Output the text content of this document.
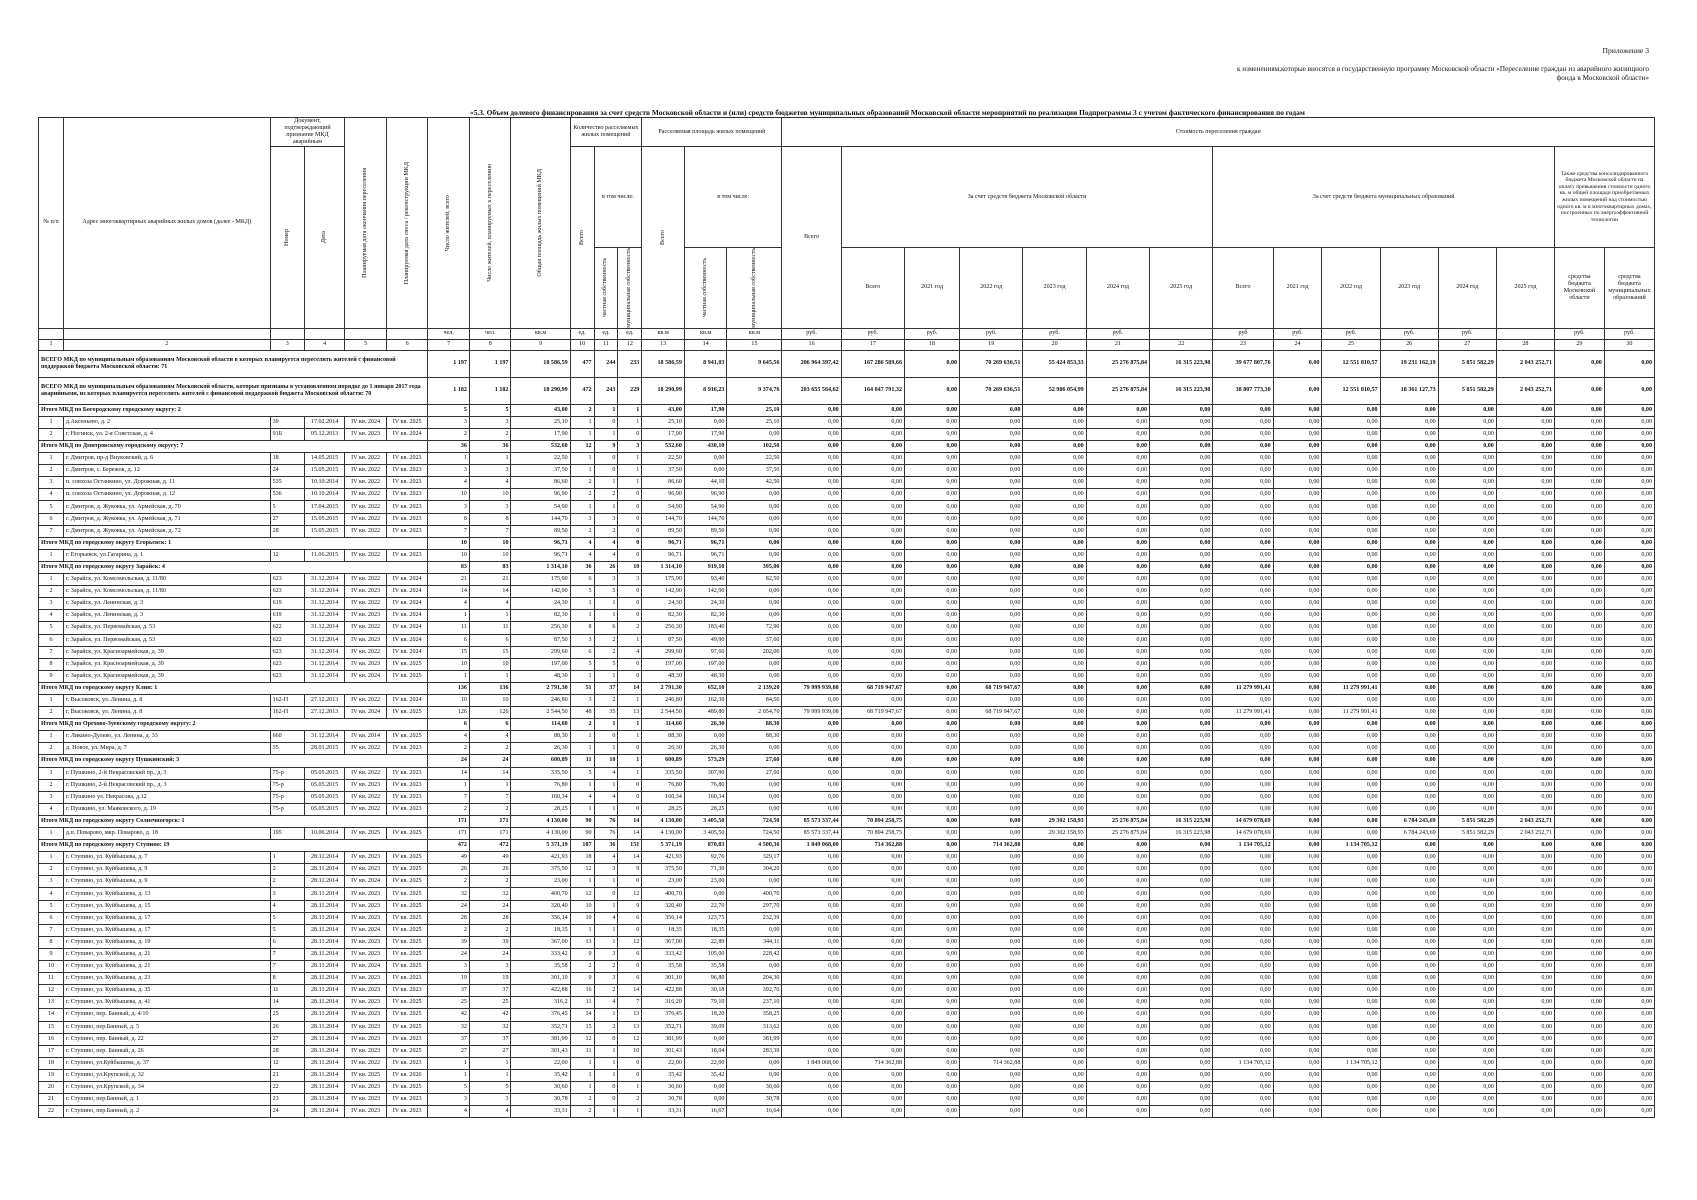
Приложение 3
к изменениям,которые вносятся в государственную программу Московской области «Переселение граждан из аварийного жилищного фонда в Московской области»
«5.3. Объем долевого финансирования за счет средств Московской области и (или) средств бюджетов муниципальных образований Московской области мероприятий по реализации Подпрограммы 3 с учетом фактического финансирования по годам
№ п/п	Адрес многоквартирных аварийных жилых домов (далее - МКД)	Документ, подтверждающий признание МКД аварийным		Планируемая дата окончания переселения	Планируемая дата сноса / реконструкции МКД	Число жителей, всего	Число жителей, планируемых к переселению	Общая площадь жилых помещений МКД	Количество расселяемых жилых помещений			Расселяемая площадь жилых помещений			Стоимость переселения граждан														

		Номер	Дата						Всего	в том числе:		Всего	в том числе:		Всего	За счет средств бюджета Московской области						За счет средств бюджета муниципальных образований						Также средства консолидированного бюджета Московской области на оплату превышения стоимости одного кв. м общей площади приобретаемых жилых помещений над стоимостью одного кв. м в многоквартирных домах, построенных по энергоэффективной технологии	

										частная собственность	муниципальная собственность		частная собственность	муниципальная собственность		Всего	2021 год	2022 год	2023 год	2024 год	2025 год	Всего	2021 год	2022 год	2023 год	2024 год	2025 год	средства бюджета Московской области	средства бюджета муниципальных образований
						чел.	чел.	кв.м	ед.	ед.	ед.	кв.м	кв.м	кв.м	руб.	руб.	руб.	руб.	руб.	руб.		руб	руб.	руб.	руб.	руб.		руб.	руб.
1	2	3	4	5	6	7	8	9	10	11	12	13	14	15	16	17	18	19	20	21	22	23	24	25	26	27	28	29	30
ВСЕГО МКД по муниципальным образованиям Московской области в которых планируется переселить жителей с финансовой поддержкой бюджета Московской области: 71						1 197	1 197	18 586,59	477	244	233	18 586,59	8 941,03	9 645,56	206 964 397,42	167 286 589,66	0,00	70 269 636,51	55 424 853,33	25 276 875,84	16 315 223,98	39 677 807,76	0,00	12 551 810,57	19 231 162,19	5 851 582,29	2 043 252,71	0,00	0,00
ВСЕГО МКД по муниципальным образованиям Московской области, которые признаны в установленном порядке до 1 января 2017 года аварийными, из которых планируется переселить жителей с финансовой поддержкой бюджета Московской области: 70						1 182	1 182	18 290,99	472	243	229	18 290,99	8 916,23	9 374,76	203 655 564,62	164 847 791,32	0,00	70 269 636,51	52 986 054,99	25 276 875,84	16 315 223,98	38 807 773,30	0,00	12 551 810,57	18 361 127,73	5 851 582,29	2 043 252,71	0,00	0,00
Итого МКД по Богородскому городскому округу: 2						5	5	43,00	2	1	1	43,00	17,90	25,10	0,00	0,00	0,00	0,00	0,00	0,00	0,00	0,00	0,00	0,00	0,00	0,00	0,00	0,00	0,00
1	д.Аксеньево, д. 2	39	17.02.2014	IV кв. 2024	IV кв. 2025	3	3	25,10	1	0	1	25,10	0,00	25,10	0,00	0,00	0,00	0,00	0,00	0,00	0,00	0,00	0,00	0,00	0,00	0,00	0,00	0,00	0,00
2	г. Ногинск, ул. 2-я Советская, д. 4	91Б	05.12.2013	IV кв. 2023	IV кв. 2024	2	2	17,90	1	1	0	17,90	17,90	0,00	0,00	0,00	0,00	0,00	0,00	0,00	0,00	0,00	0,00	0,00	0,00	0,00	0,00	0,00	0,00
Итого МКД по Дмитровскому городскому округу: 7						36	36	532,60	12	9	3	532,60	430,10	102,50	0,00	0,00	0,00	0,00	0,00	0,00	0,00	0,00	0,00	0,00	0,00	0,00	0,00	0,00	0,00
1	г. Дмитров, пр-д Внуковский, д. 6	18	14.05.2015	IV кв. 2022	IV кв. 2023	1	1	22,50	1	0	1	22,50	0,00	22,50	0,00	0,00	0,00	0,00	0,00	0,00	0,00	0,00	0,00	0,00	0,00	0,00	0,00	0,00	0,00
2	г. Дмитров, с. Бережок, д. 12	24	15.05.2015	IV кв. 2022	IV кв. 2023	3	3	37,50	1	0	1	37,50	0,00	37,50	0,00	0,00	0,00	0,00	0,00	0,00	0,00	0,00	0,00	0,00	0,00	0,00	0,00	0,00	0,00
3	п. совхоза Останкино, ул. Дорожная, д. 11	535	10.10.2014	IV кв. 2022	IV кв. 2023	4	4	86,60	2	1	1	86,60	44,10	42,50	0,00	0,00	0,00	0,00	0,00	0,00	0,00	0,00	0,00	0,00	0,00	0,00	0,00	0,00	0,00
4	п. совхоза Останкино, ул. Дорожная, д. 12	536	10.10.2014	IV кв. 2022	IV кв. 2023	10	10	96,90	2	2	0	96,90	96,90	0,00	0,00	0,00	0,00	0,00	0,00	0,00	0,00	0,00	0,00	0,00	0,00	0,00	0,00	0,00	0,00
5	г. Дмитров, д. Жуковка, ул. Армейская, д. 70	5	17.04.2015	IV кв. 2022	IV кв. 2023	3	3	54,90	1	1	0	54,90	54,90	0,00	0,00	0,00	0,00	0,00	0,00	0,00	0,00	0,00	0,00	0,00	0,00	0,00	0,00	0,00	0,00
6	г. Дмитров, д. Жуковка, ул. Армейская, д. 71	27	15.05.2015	IV кв. 2022	IV кв. 2023	8	8	144,70	3	3	0	144,70	144,70	0,00	0,00	0,00	0,00	0,00	0,00	0,00	0,00	0,00	0,00	0,00	0,00	0,00	0,00	0,00	0,00
7	г. Дмитров, д. Жуковка, ул. Армейская, д. 72	28	15.05.2015	IV кв. 2022	IV кв. 2023	7	7	89,50	2	2	0	89,50	89,50	0,00	0,00	0,00	0,00	0,00	0,00	0,00	0,00	0,00	0,00	0,00	0,00	0,00	0,00	0,00	0,00
Итого МКД по городскому округу Егорьевск: 1						10	10	96,71	4	4	0	96,71	96,71	0,00	0,00	0,00	0,00	0,00	0,00	0,00	0,00	0,00	0,00	0,00	0,00	0,00	0,00	0,00	0,00
1	г. Егорьевск, ул.Гагарина, д. 1	12	11.06.2015	IV кв. 2022	IV кв. 2023	10	10	96,71	4	4	0	96,71	96,71	0,00	0,00	0,00	0,00	0,00	0,00	0,00	0,00	0,00	0,00	0,00	0,00	0,00	0,00	0,00	0,00
Итого МКД по городскому округу Зарайск: 4						83	83	1 314,10	36	26	10	1 314,10	919,10	395,00	0,00	0,00	0,00	0,00	0,00	0,00	0,00	0,00	0,00	0,00	0,00	0,00	0,00	0,00	0,00
1	г. Зарайск, ул. Комсомольская, д. 11/80	623	31.12.2014	IV кв. 2022	IV кв. 2024	21	21	175,90	6	3	3	175,90	93,40	82,50	0,00	0,00	0,00	0,00	0,00	0,00	0,00	0,00	0,00	0,00	0,00	0,00	0,00	0,00	0,00
2	г. Зарайск, ул. Комсомольская, д. 11/80	623	31.12.2014	IV кв. 2023	IV кв. 2024	14	14	142,90	5	5	0	142,90	142,90	0,00	0,00	0,00	0,00	0,00	0,00	0,00	0,00	0,00	0,00	0,00	0,00	0,00	0,00	0,00	0,00
3	г. Зарайск, ул. Ленинская, д. 3	619	31.12.2014	IV кв. 2022	IV кв. 2024	4	4	24,30	1	1	0	24,30	24,30	0,00	0,00	0,00	0,00	0,00	0,00	0,00	0,00	0,00	0,00	0,00	0,00	0,00	0,00	0,00	0,00
4	г. Зарайск, ул. Ленинская, д. 3	619	31.12.2014	IV кв. 2023	IV кв. 2024	1	1	82,30	1	1	0	82,30	82,30	0,00	0,00	0,00	0,00	0,00	0,00	0,00	0,00	0,00	0,00	0,00	0,00	0,00	0,00	0,00	0,00
5	г. Зарайск, ул. Первомайская, д. 53	622	31.12.2014	IV кв. 2022	IV кв. 2024	11	11	256,30	8	6	2	256,30	183,40	72,90	0,00	0,00	0,00	0,00	0,00	0,00	0,00	0,00	0,00	0,00	0,00	0,00	0,00	0,00	0,00
6	г. Зарайск, ул. Первомайская, д. 53	622	31.12.2014	IV кв. 2023	IV кв. 2024	6	6	87,50	3	2	1	87,50	49,90	37,60	0,00	0,00	0,00	0,00	0,00	0,00	0,00	0,00	0,00	0,00	0,00	0,00	0,00	0,00	0,00
7	г. Зарайск, ул. Красноармейская, д. 39	623	31.12.2014	IV кв. 2022	IV кв. 2024	15	15	299,60	6	2	4	299,60	97,60	202,00	0,00	0,00	0,00	0,00	0,00	0,00	0,00	0,00	0,00	0,00	0,00	0,00	0,00	0,00	0,00
8	г. Зарайск, ул. Красноармейская, д. 39	623	31.12.2014	IV кв. 2023	IV кв. 2025	10	10	197,00	5	5	0	197,00	197,00	0,00	0,00	0,00	0,00	0,00	0,00	0,00	0,00	0,00	0,00	0,00	0,00	0,00	0,00	0,00	0,00
9	г. Зарайск, ул. Красноармейская, д. 39	623	31.12.2014	IV кв. 2024	IV кв. 2025	1	1	48,30	1	1	0	48,30	48,30	0,00	0,00	0,00	0,00	0,00	0,00	0,00	0,00	0,00	0,00	0,00	0,00	0,00	0,00	0,00	0,00
Итого МКД по городскому округу Клин: 1						136	136	2 791,30	51	37	14	2 791,30	652,10	2 139,20	79 999 939,08	68 719 947,67	0,00	68 719 947,67	0,00	0,00	0,00	11 279 991,41	0,00	11 279 991,41	0,00	0,00	0,00	0,00	0,00
1	г. Высоковск, ул. Ленина, д. 8	162-П	27.12.2013	IV кв. 2022	IV кв. 2024	10	10	246,80	3	2	1	246,80	162,30	84,50	0,00	0,00	0,00	0,00	0,00	0,00	0,00	0,00	0,00	0,00	0,00	0,00	0,00	0,00	0,00
2	г. Высоковск, ул. Ленина, д. 8	162-П	27.12.2013	IV кв. 2024	IV кв. 2025	126	126	2 544,50	48	35	13	2 544,50	489,80	2 054,70	79 999 939,08	68 719 947,67	0,00	68 719 947,67	0,00	0,00	0,00	11 279 991,41	0,00	11 279 991,41	0,00	0,00	0,00	0,00	0,00
Итого МКД по Орехово-Зуевскому городскому округу: 2						6	6	114,60	2	1	1	114,60	26,30	88,30	0,00	0,00	0,00	0,00	0,00	0,00	0,00	0,00	0,00	0,00	0,00	0,00	0,00	0,00	0,00
1	г. Ликино-Дулево, ул. Ленина, д. 33	660	31.12.2014	IV кв. 2014	IV кв. 2025	4	4	88,30	1	0	1	88,30	0,00	88,30	0,00	0,00	0,00	0,00	0,00	0,00	0,00	0,00	0,00	0,00	0,00	0,00	0,00	0,00	0,00
2	д. Новое, ул. Мира, д. 7	35	28.01.2015	IV кв. 2022	IV кв. 2023	2	2	26,30	1	1	0	26,30	26,30	0,00	0,00	0,00	0,00	0,00	0,00	0,00	0,00	0,00	0,00	0,00	0,00	0,00	0,00	0,00	0,00
Итого МКД по городскому округу Пушкинский: 3						24	24	600,89	11	10	1	600,89	573,29	27,60	0,00	0,00	0,00	0,00	0,00	0,00	0,00	0,00	0,00	0,00	0,00	0,00	0,00	0,00	0,00
1	г. Пушкино, 2-й Некрасовский пр., д. 3	75-р	05.05.2015	IV кв. 2022	IV кв. 2023	14	14	335,50	5	4	1	335,50	307,90	27,60	0,00	0,00	0,00	0,00	0,00	0,00	0,00	0,00	0,00	0,00	0,00	0,00	0,00	0,00	0,00
2	г. Пушкино, 2-й Некрасовский пр., д. 3	75-р	05.05.2015	IV кв. 2023	IV кв. 2023	1	1	76,80	1	1	0	76,80	76,80	0,00	0,00	0,00	0,00	0,00	0,00	0,00	0,00	0,00	0,00	0,00	0,00	0,00	0,00	0,00	0,00
3	г. Пушкино ул. Некрасова, д.12	75-р	05.05.2015	IV кв. 2022	IV кв. 2023	7	7	160,34	4	4	0	160,34	160,34	0,00	0,00	0,00	0,00	0,00	0,00	0,00	0,00	0,00	0,00	0,00	0,00	0,00	0,00	0,00	0,00
4	г. Пушкино, ул. Маяковского, д. 19	75-р	05.05.2015	IV кв. 2022	IV кв. 2023	2	2	28,25	1	1	0	28,25	28,25	0,00	0,00	0,00	0,00	0,00	0,00	0,00	0,00	0,00	0,00	0,00	0,00	0,00	0,00	0,00	0,00
Итого МКД по городскому округу Солнечногорск: 1						171	171	4 130,00	90	76	14	4 130,00	3 405,50	724,50	85 573 337,44	70 894 258,75	0,00	0,00	29 302 158,93	25 276 875,84	16 315 223,98	14 679 078,69	0,00	0,00	6 784 243,69	5 851 582,29	2 043 252,71	0,00	0,00
1	д.п. Поварово, мкр. Поварово, д. 18	195	10.06.2014	IV кв. 2025	IV кв. 2025	171	171	4 130,00	90	76	14	4 130,00	3 405,50	724,50	85 573 337,44	70 894 258,75	0,00	0,00	29 302 158,93	25 276 875,84	16 315 223,98	14 679 078,69	0,00	0,00	6 784 243,69	5 851 582,29	2 043 252,71	0,00	0,00
Итого МКД по городскому округу Ступино: 19						472	472	5 371,19	187	36	151	5 371,19	870,83	4 500,36	1 849 068,00	714 362,88	0,00	714 362,88	0,00	0,00	0,00	1 134 705,12	0,00	1 134 705,12	0,00	0,00	0,00	0,00	0,00
1	г. Ступино, ул. Куйбышева, д. 7	1	28.11.2014	IV кв. 2023	IV кв. 2025	49	49	421,93	18	4	14	421,93	92,76	329,17	0,00	0,00	0,00	0,00	0,00	0,00	0,00	0,00	0,00	0,00	0,00	0,00	0,00	0,00	0,00
2	г. Ступино, ул. Куйбышева, д. 9	2	28.11.2014	IV кв. 2023	IV кв. 2025	26	26	375,50	12	3	9	375,50	71,30	304,20	0,00	0,00	0,00	0,00	0,00	0,00	0,00	0,00	0,00	0,00	0,00	0,00	0,00	0,00	0,00
3	г. Ступино, ул. Куйбышева, д. 9	2	28.11.2014	IV кв. 2024	IV кв. 2025	2	2	23,00	1	1	0	23,00	23,00	0,00	0,00	0,00	0,00	0,00	0,00	0,00	0,00	0,00	0,00	0,00	0,00	0,00	0,00	0,00	0,00
4	г. Ступино, ул. Куйбышева, д. 13	3	28.11.2014	IV кв. 2023	IV кв. 2025	32	32	400,70	12	0	12	400,70	0,00	400,70	0,00	0,00	0,00	0,00	0,00	0,00	0,00	0,00	0,00	0,00	0,00	0,00	0,00	0,00	0,00
5	г. Ступино, ул. Куйбышева, д. 15	4	28.11.2014	IV кв. 2023	IV кв. 2025	24	24	320,40	10	1	9	320,40	22,70	297,70	0,00	0,00	0,00	0,00	0,00	0,00	0,00	0,00	0,00	0,00	0,00	0,00	0,00	0,00	0,00
6	г. Ступино, ул. Куйбышева, д. 17	5	28.11.2014	IV кв. 2023	IV кв. 2025	28	28	356,14	10	4	6	356,14	123,75	232,39	0,00	0,00	0,00	0,00	0,00	0,00	0,00	0,00	0,00	0,00	0,00	0,00	0,00	0,00	0,00
7	г. Ступино, ул. Куйбышева, д. 17	5	28.11.2014	IV кв. 2024	IV кв. 2025	2	2	18,35	1	1	0	18,35	18,35	0,00	0,00	0,00	0,00	0,00	0,00	0,00	0,00	0,00	0,00	0,00	0,00	0,00	0,00	0,00	0,00
8	г. Ступино, ул. Куйбышева, д. 19	6	28.11.2014	IV кв. 2023	IV кв. 2025	39	39	367,00	13	1	12	367,00	22,89	344,11	0,00	0,00	0,00	0,00	0,00	0,00	0,00	0,00	0,00	0,00	0,00	0,00	0,00	0,00	0,00
9	г. Ступино, ул. Куйбышева, д. 21	7	28.11.2014	IV кв. 2023	IV кв. 2025	24	24	333,42	9	3	6	333,42	105,00	228,42	0,00	0,00	0,00	0,00	0,00	0,00	0,00	0,00	0,00	0,00	0,00	0,00	0,00	0,00	0,00
10	г. Ступино, ул. Куйбышева, д. 21	7	28.11.2014	IV кв. 2024	IV кв. 2025	3	3	35,58	2	2	0	35,58	35,58	0,00	0,00	0,00	0,00	0,00	0,00	0,00	0,00	0,00	0,00	0,00	0,00	0,00	0,00	0,00	0,00
11	г. Ступино, ул. Куйбышева, д. 23	8	28.11.2014	IV кв. 2023	IV кв. 2023	19	19	301,10	9	3	6	301,10	96,80	204,30	0,00	0,00	0,00	0,00	0,00	0,00	0,00	0,00	0,00	0,00	0,00	0,00	0,00	0,00	0,00
12	г. Ступино, ул. Куйбышева, д. 35	11	28.11.2014	IV кв. 2023	IV кв. 2023	37	37	422,88	16	2	14	422,88	30,18	392,70	0,00	0,00	0,00	0,00	0,00	0,00	0,00	0,00	0,00	0,00	0,00	0,00	0,00	0,00	0,00
13	г. Ступино, ул. Куйбышева, д. 41	14	28.11.2014	IV кв. 2023	IV кв. 2025	25	25	316,2	11	4	7	316,20	79,10	237,10	0,00	0,00	0,00	0,00	0,00	0,00	0,00	0,00	0,00	0,00	0,00	0,00	0,00	0,00	0,00
14	г. Ступино, пер. Банный, д. 4/10	25	28.11.2014	IV кв. 2023	IV кв. 2025	42	42	376,45	14	1	13	376,45	18,20	358,25	0,00	0,00	0,00	0,00	0,00	0,00	0,00	0,00	0,00	0,00	0,00	0,00	0,00	0,00	0,00
15	г. Ступино, пер.Банный, д. 5	26	28.11.2014	IV кв. 2023	IV кв. 2025	32	32	352,71	15	2	13	352,71	39,09	313,62	0,00	0,00	0,00	0,00	0,00	0,00	0,00	0,00	0,00	0,00	0,00	0,00	0,00	0,00	0,00
16	г. Ступино, пер. Банный, д. 22	27	28.11.2014	IV кв. 2023	IV кв. 2023	37	37	381,99	12	0	12	381,99	0,00	381,99	0,00	0,00	0,00	0,00	0,00	0,00	0,00	0,00	0,00	0,00	0,00	0,00	0,00	0,00	0,00
17	г. Ступино, пер. Банный, д. 26	28	28.11.2014	IV кв. 2023	IV кв. 2025	27	27	301,43	11	1	10	301,43	18,04	283,39	0,00	0,00	0,00	0,00	0,00	0,00	0,00	0,00	0,00	0,00	0,00	0,00	0,00	0,00	0,00
18	г. Ступино, ул.Куйбышева, д. 37	12	28.11.2014	IV кв. 2022	IV кв. 2023	1	1	22,00	1	1	0	22,00	22,00	0,00	1 849 068,00	714 362,88	0,00	714 362,88	0,00	0,00	0,00	1 134 705,12	0,00	1 134 705,12	0,00	0,00	0,00	0,00	0,00
19	г. Ступино, ул.Крупской, д. 32	21	28.11.2014	IV кв. 2025	IV кв. 2026	1	1	35,42	1	1	0	35,42	35,42	0,00	0,00	0,00	0,00	0,00	0,00	0,00	0,00	0,00	0,00	0,00	0,00	0,00	0,00	0,00	0,00
20	г. Ступино, ул.Крупской, д. 34	22	28.11.2014	IV кв. 2023	IV кв. 2025	5	5	30,60	1	0	1	30,60	0,00	30,60	0,00	0,00	0,00	0,00	0,00	0,00	0,00	0,00	0,00	0,00	0,00	0,00	0,00	0,00	0,00
21	г. Ступино, пер.Банный, д. 1	23	28.11.2014	IV кв. 2023	IV кв. 2023	3	3	30,78	2	0	2	30,78	0,00	30,78	0,00	0,00	0,00	0,00	0,00	0,00	0,00	0,00	0,00	0,00	0,00	0,00	0,00	0,00	0,00
22	г. Ступино, пер.Банный, д. 2	24	28.11.2014	IV кв. 2023	IV кв. 2023	4	4	33,31	2	1	1	33,31	16,67	16,64	0,00	0,00	0,00	0,00	0,00	0,00	0,00	0,00	0,00	0,00	0,00	0,00	0,00	0,00	0,00
